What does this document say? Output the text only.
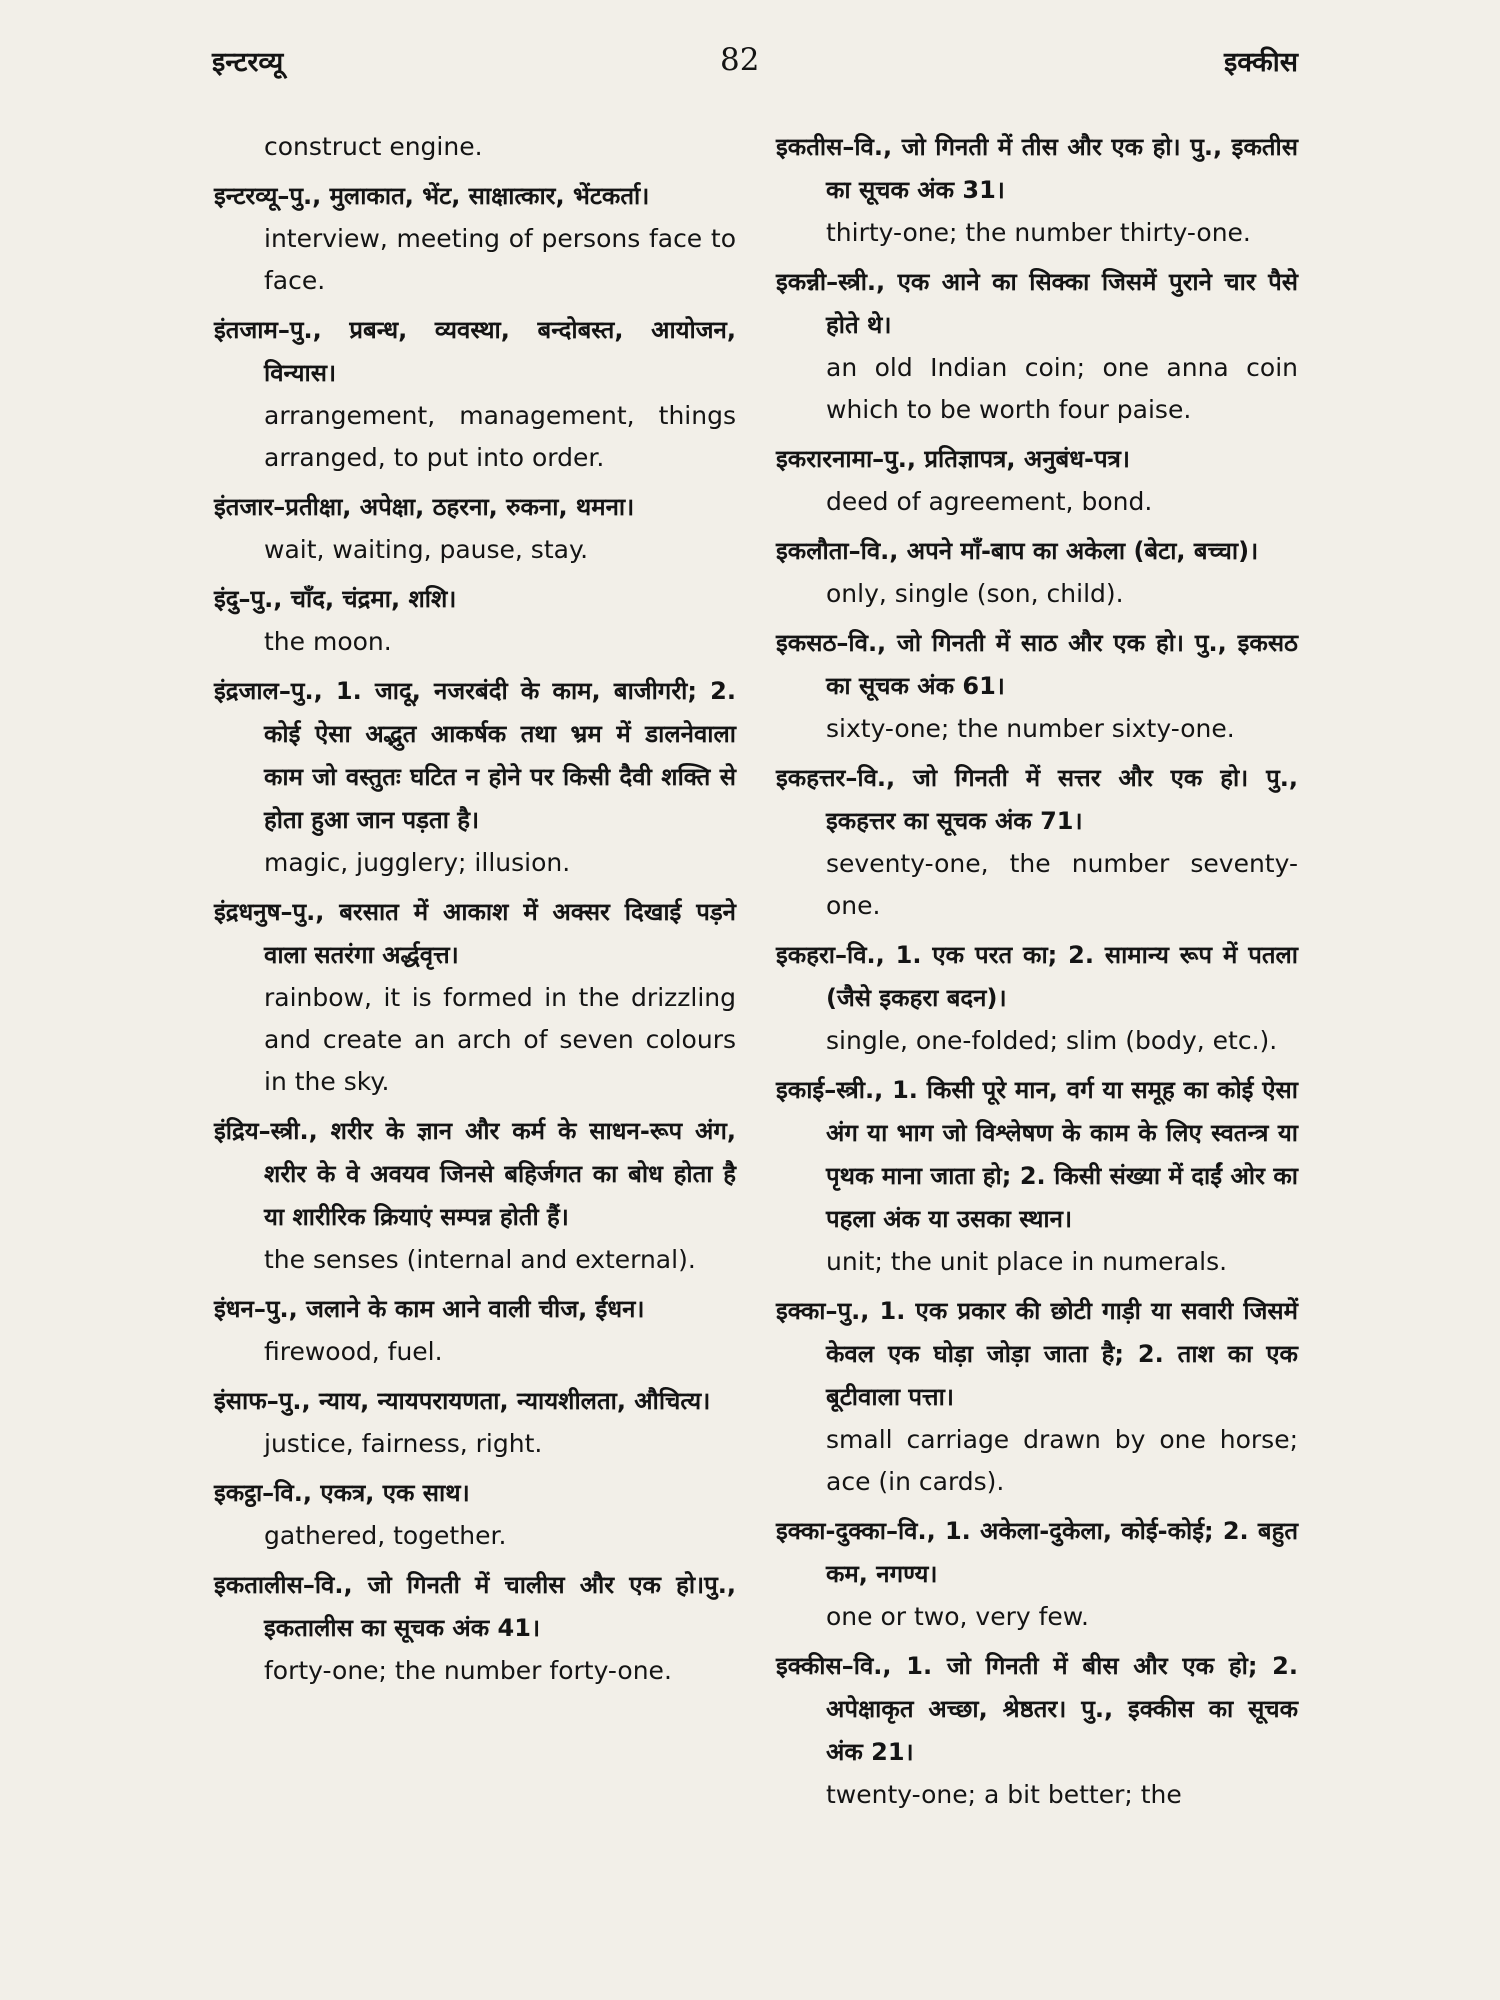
इन्टरव्यू	82	इक्कीस
construct engine.
इन्टरव्यू–पु., मुलाकात, भेंट, साक्षात्कार, भेंटकर्ता।
interview, meeting of persons face to face.
इंतजाम–पु., प्रबन्ध, व्यवस्था, बन्दोबस्त, आयोजन, विन्यास।
arrangement, management, things arranged, to put into order.
इंतजार–प्रतीक्षा, अपेक्षा, ठहरना, रुकना, थमना।
wait, waiting, pause, stay.
इंदु–पु., चाँद, चंद्रमा, शशि।
the moon.
इंद्रजाल–पु., 1. जादू, नजरबंदी के काम, बाजीगरी; 2. कोई ऐसा अद्भुत आकर्षक तथा भ्रम में डालनेवाला काम जो वस्तुतः घटित न होने पर किसी दैवी शक्ति से होता हुआ जान पड़ता है।
magic, jugglery; illusion.
इंद्रधनुष–पु., बरसात में आकाश में अक्सर दिखाई पड़ने वाला सतरंगा अर्द्धवृत्त।
rainbow, it is formed in the drizzling and create an arch of seven colours in the sky.
इंद्रिय–स्त्री., शरीर के ज्ञान और कर्म के साधन-रूप अंग, शरीर के वे अवयव जिनसे बहिर्जगत का बोध होता है या शारीरिक क्रियाएं सम्पन्न होती हैं।
the senses (internal and external).
इंधन–पु., जलाने के काम आने वाली चीज, ईंधन।
firewood, fuel.
इंसाफ–पु., न्याय, न्यायपरायणता, न्यायशीलता, औचित्य।
justice, fairness, right.
इकट्ठा–वि., एकत्र, एक साथ।
gathered, together.
इकतालीस–वि., जो गिनती में चालीस और एक हो।पु., इकतालीस का सूचक अंक 41।
forty-one; the number forty-one.
इकतीस–वि., जो गिनती में तीस और एक हो। पु., इकतीस का सूचक अंक 31।
thirty-one; the number thirty-one.
इकन्नी–स्त्री., एक आने का सिक्का जिसमें पुराने चार पैसे होते थे।
an old Indian coin; one anna coin which to be worth four paise.
इकरारनामा–पु., प्रतिज्ञापत्र, अनुबंध-पत्र।
deed of agreement, bond.
इकलौता–वि., अपने माँ-बाप का अकेला (बेटा, बच्चा)।
only, single (son, child).
इकसठ–वि., जो गिनती में साठ और एक हो। पु., इकसठ का सूचक अंक 61।
sixty-one; the number sixty-one.
इकहत्तर–वि., जो गिनती में सत्तर और एक हो। पु., इकहत्तर का सूचक अंक 71।
seventy-one, the number seventy-one.
इकहरा–वि., 1. एक परत का; 2. सामान्य रूप में पतला (जैसे इकहरा बदन)।
single, one-folded; slim (body, etc.).
इकाई–स्त्री., 1. किसी पूरे मान, वर्ग या समूह का कोई ऐसा अंग या भाग जो विश्लेषण के काम के लिए स्वतन्त्र या पृथक माना जाता हो; 2. किसी संख्या में दाईं ओर का पहला अंक या उसका स्थान।
unit; the unit place in numerals.
इक्का–पु., 1. एक प्रकार की छोटी गाड़ी या सवारी जिसमें केवल एक घोड़ा जोड़ा जाता है; 2. ताश का एक बूटीवाला पत्ता।
small carriage drawn by one horse; ace (in cards).
इक्का-दुक्का–वि., 1. अकेला-दुकेला, कोई-कोई; 2. बहुत कम, नगण्य।
one or two, very few.
इक्कीस–वि., 1. जो गिनती में बीस और एक हो; 2. अपेक्षाकृत अच्छा, श्रेष्ठतर। पु., इक्कीस का सूचक अंक 21।
twenty-one; a bit better; the
